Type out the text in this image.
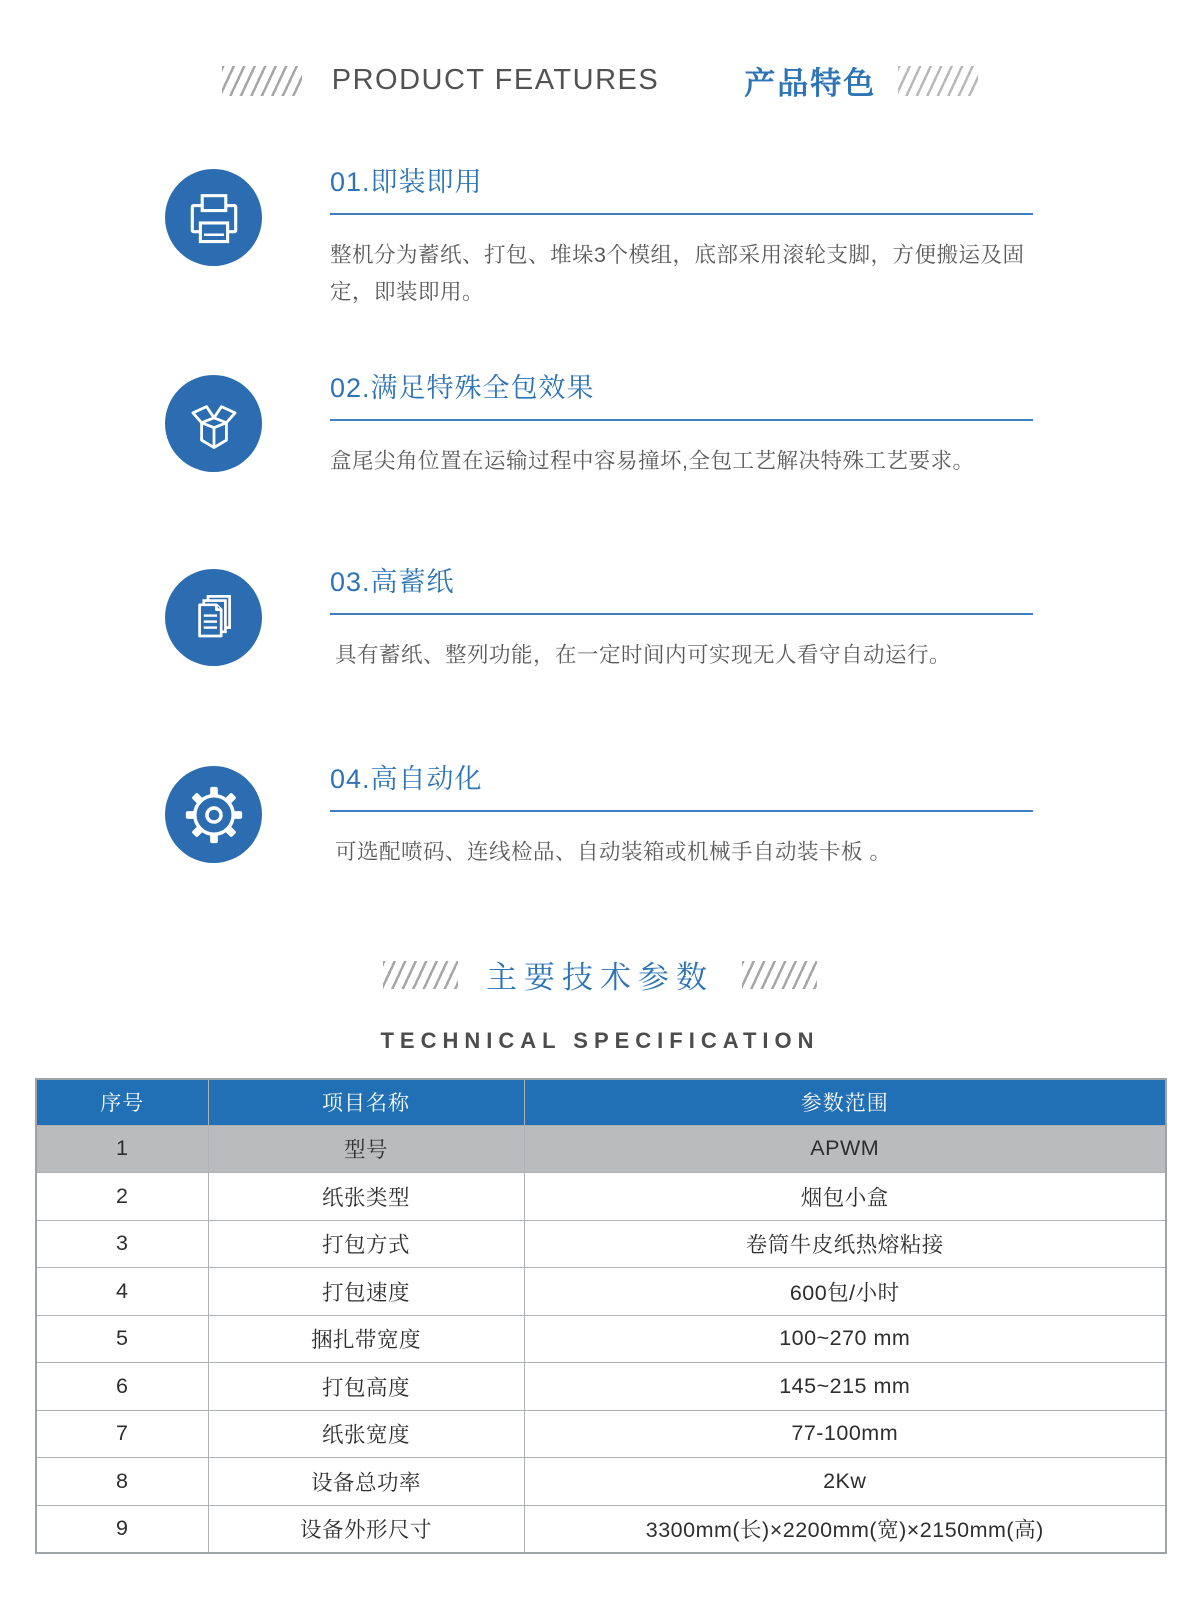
PRODUCT FEATURES	产品特色
01.即装即用

整机分为蓄纸、打包、堆垛3个模组，底部采用滚轮支脚，方便搬运及固定，即装即用。

02.满足特殊全包效果

盒尾尖角位置在运输过程中容易撞坏,全包工艺解决特殊工艺要求。

03.高蓄纸

具有蓄纸、整列功能，在一定时间内可实现无人看守自动运行。

04.高自动化

可选配喷码、连线检品、自动装箱或机械手自动装卡板 。

主要技术参数
TECHNICAL SPECIFICATION
序号	项目名称	参数范围
1	型号	APWM
2	纸张类型	烟包小盒
3	打包方式	卷筒牛皮纸热熔粘接
4	打包速度	600包/小时
5	捆扎带宽度	100~270 mm
6	打包高度	145~215 mm
7	纸张宽度	77-100mm
8	设备总功率	2Kw
9	设备外形尺寸	3300mm(长)×2200mm(宽)×2150mm(高)
